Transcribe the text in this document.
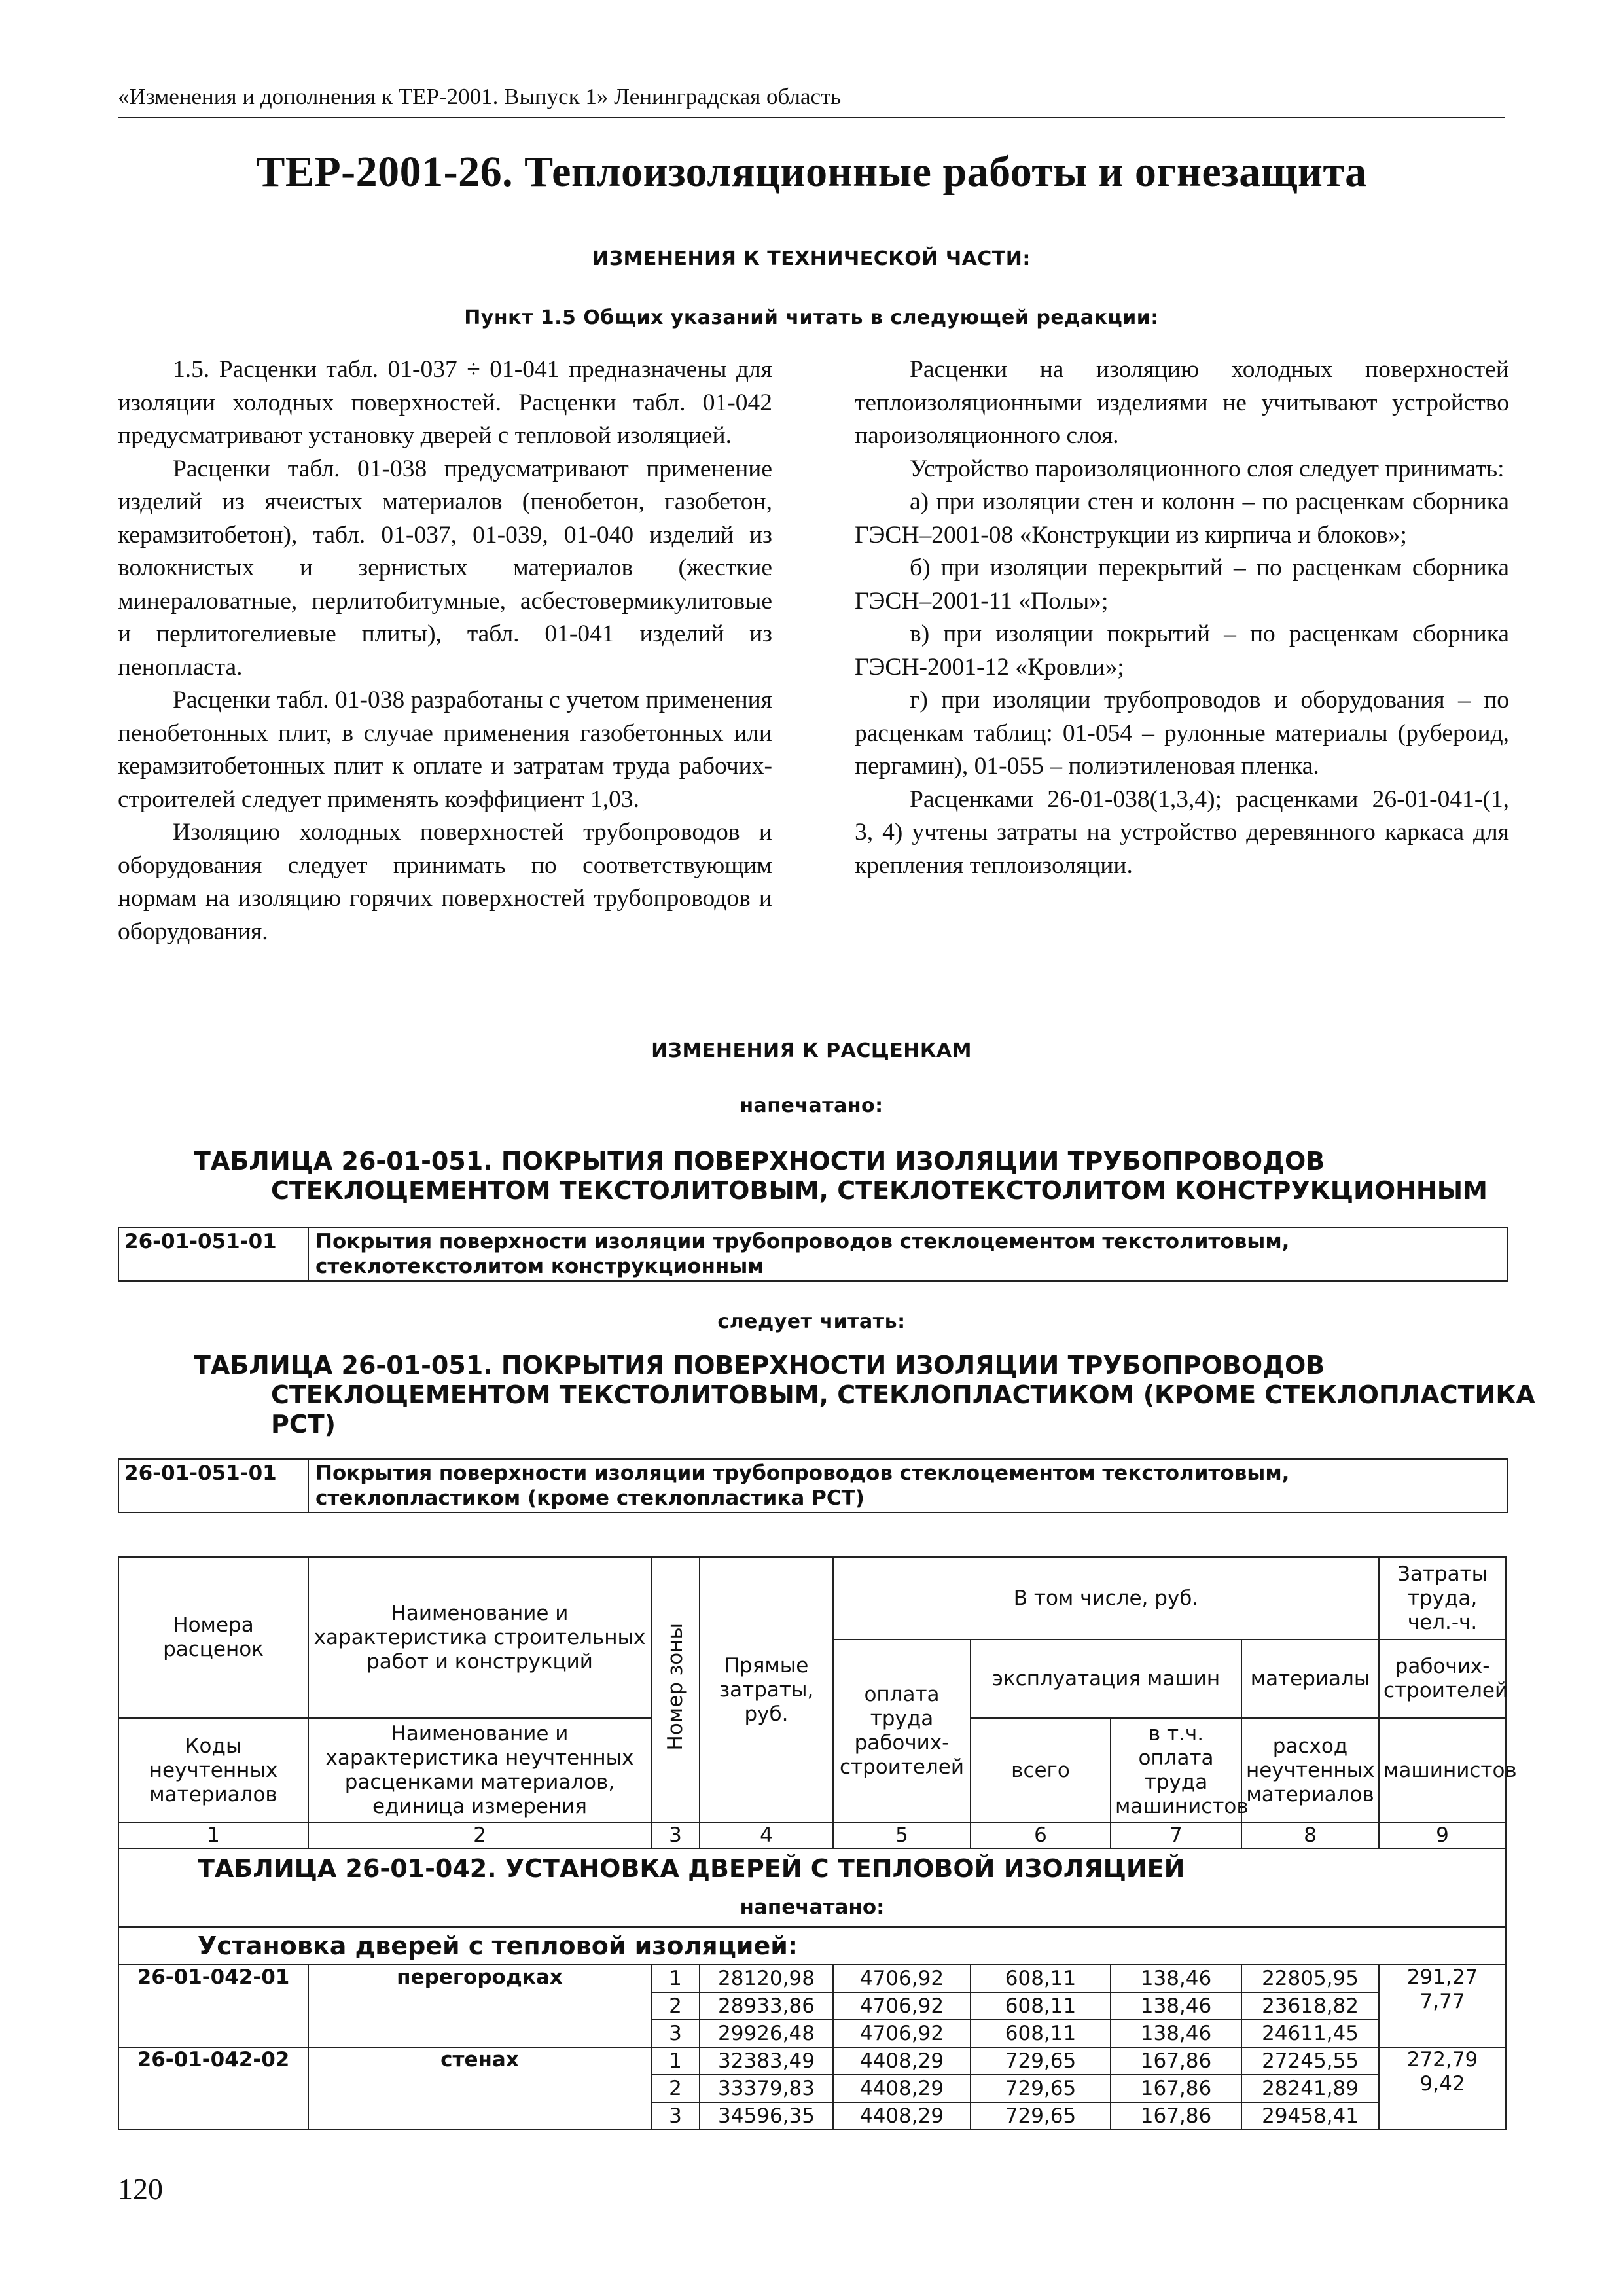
«Изменения и дополнения к ТЕР-2001. Выпуск 1» Ленинградская область
ТЕР-2001-26. Теплоизоляционные работы и огнезащита
ИЗМЕНЕНИЯ К ТЕХНИЧЕСКОЙ ЧАСТИ:
Пункт 1.5 Общих указаний читать в следующей редакции:

1.5. Расценки табл. 01-037 ÷ 01-041 предназначены для изоляции холодных поверхностей. Расценки табл. 01-042 предусматривают установку дверей с тепловой изоляцией.

Расценки табл. 01-038 предусматривают применение изделий из ячеистых материалов (пенобетон, газобетон, керамзитобетон), табл. 01-037, 01-039, 01-040 изделий из волокнистых и зернистых материалов (жесткие минераловатные, перлитобитумные, асбестовермикулитовые и перлитогелиевые плиты), табл. 01-041 изделий из пенопласта.

Расценки табл. 01-038 разработаны с учетом применения пенобетонных плит, в случае применения газобетонных или керамзитобетонных плит к оплате и затратам труда рабочих-строителей следует применять коэффициент 1,03.

Изоляцию холодных поверхностей трубопроводов и оборудования следует принимать по соответствующим нормам на изоляцию горячих поверхностей трубопроводов и оборудования.

Расценки на изоляцию холодных поверхностей теплоизоляционными изделиями не учитывают устройство пароизоляционного слоя.

Устройство пароизоляционного слоя следует принимать:

а) при изоляции стен и колонн – по расценкам сборника ГЭСН–2001-08 «Конструкции из кирпича и блоков»;

б) при изоляции перекрытий – по расценкам сборника ГЭСН–2001-11 «Полы»;

в) при изоляции покрытий – по расценкам сборника ГЭСН-2001-12 «Кровли»;

г) при изоляции трубопроводов и оборудования – по расценкам таблиц: 01-054 – рулонные материалы (рубероид, пергамин), 01-055 – полиэтиленовая пленка.

Расценками 26-01-038(1,3,4); расценками 26-01-041-(1, 3, 4) учтены затраты на устройство деревянного каркаса для крепления теплоизоляции.

ИЗМЕНЕНИЯ К РАСЦЕНКАМ
напечатано:
ТАБЛИЦА 26-01-051. ПОКРЫТИЯ ПОВЕРХНОСТИ ИЗОЛЯЦИИ ТРУБОПРОВОДОВ
СТЕКЛОЦЕМЕНТОМ ТЕКСТОЛИТОВЫМ, СТЕКЛОТЕКСТОЛИТОМ КОНСТРУКЦИОННЫМ
26-01-051-01	Покрытия поверхности изоляции трубопроводов стеклоцементом текстолитовым, стеклотекстолитом конструкционным
следует читать:
ТАБЛИЦА 26-01-051. ПОКРЫТИЯ ПОВЕРХНОСТИ ИЗОЛЯЦИИ ТРУБОПРОВОДОВ
СТЕКЛОЦЕМЕНТОМ ТЕКСТОЛИТОВЫМ, СТЕКЛОПЛАСТИКОМ (КРОМЕ СТЕКЛОПЛАСТИКА РСТ)
26-01-051-01	Покрытия поверхности изоляции трубопроводов стеклоцементом текстолитовым, стеклопластиком (кроме стеклопластика РСТ)
Номера расценок	Наименование и характеристика строительных работ и конструкций	Номер зоны	Прямые затраты, руб.	В том числе, руб.				Затраты труда, чел.-ч.
				оплата труда рабочих-строителей	эксплуатация машин		материалы	рабочих-строителей

Коды неучтенных материалов	Наименование и характеристика неучтенных расценками материалов, единица измерения				всего	в т.ч. оплата труда машинистов	расход неучтенных материалов	машинистов

1	2	3	4	5	6	7	8	9
ТАБЛИЦА 26-01-042. УСТАНОВКА ДВЕРЕЙ С ТЕПЛОВОЙ ИЗОЛЯЦИЕЙ								
напечатано:								
Установка дверей с тепловой изоляцией:								
26-01-042-01	перегородках	1	28120,98	4706,92	608,11	138,46	22805,95	291,27
7,77

		2	28933,86	4706,92	608,11	138,46	23618,82	
		3	29926,48	4706,92	608,11	138,46	24611,45	
26-01-042-02	стенах	1	32383,49	4408,29	729,65	167,86	27245,55	272,79
9,42

		2	33379,83	4408,29	729,65	167,86	28241,89	
		3	34596,35	4408,29	729,65	167,86	29458,41	
120
